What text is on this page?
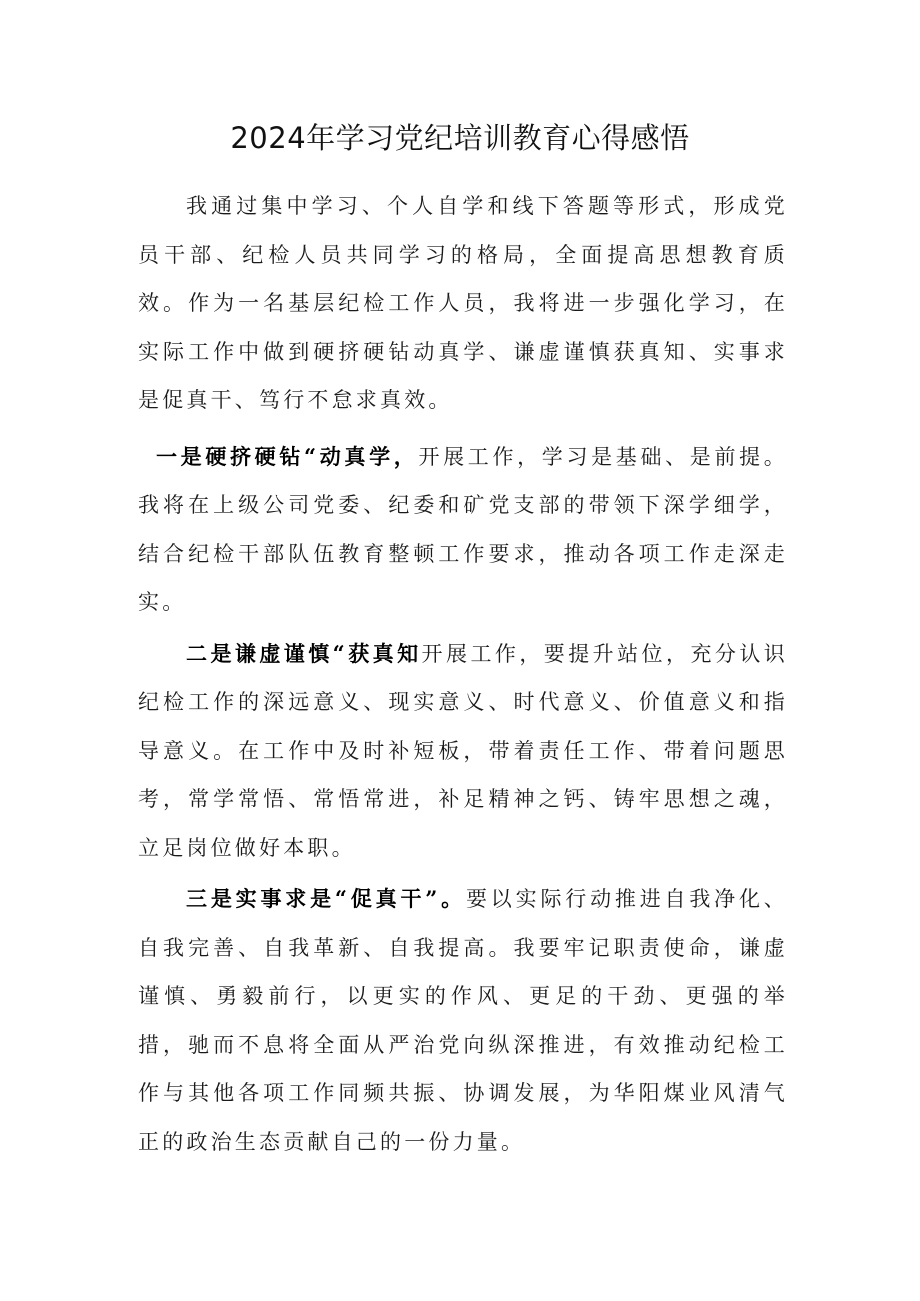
2024年学习党纪培训教育心得感悟

我通过集中学习、个人自学和线下答题等形式，形成党员干部、纪检人员共同学习的格局，全面提高思想教育质效。作为一名基层纪检工作人员，我将进一步强化学习，在实际工作中做到硬挤硬钻动真学、谦虚谨慎获真知、实事求是促真干、笃行不怠求真效。

一是硬挤硬钻“动真学，开展工作，学习是基础、是前提。我将在上级公司党委、纪委和矿党支部的带领下深学细学，结合纪检干部队伍教育整顿工作要求，推动各项工作走深走实。

二是谦虚谨慎“获真知开展工作，要提升站位，充分认识纪检工作的深远意义、现实意义、时代意义、价值意义和指导意义。在工作中及时补短板，带着责任工作、带着问题思考，常学常悟、常悟常进，补足精神之钙、铸牢思想之魂，立足岗位做好本职。

三是实事求是“促真干”。要以实际行动推进自我净化、自我完善、自我革新、自我提高。我要牢记职责使命，谦虚谨慎、勇毅前行，以更实的作风、更足的干劲、更强的举措，驰而不息将全面从严治党向纵深推进，有效推动纪检工作与其他各项工作同频共振、协调发展，为华阳煤业风清气正的政治生态贡献自己的一份力量。
